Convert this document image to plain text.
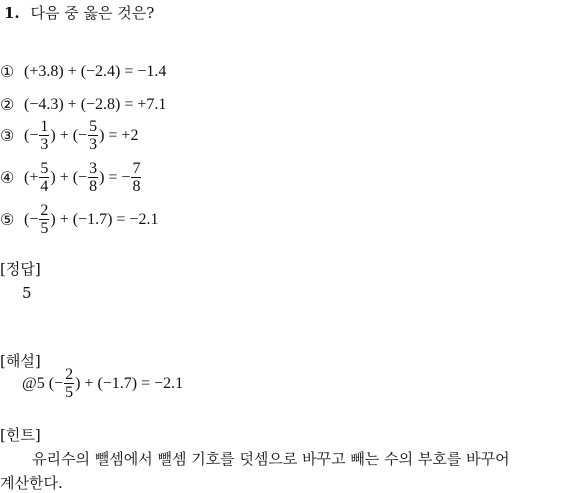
1. 다음 중 옳은 것은?
① (+3.8) + (−2.4) = −1.4
② (−4.3) + (−2.8) = +7.1
③ (− $\frac{1}{3}$ ) + (− $\frac{5}{3}$ ) = +2
④ (+ $\frac{5}{4}$ ) + (− $\frac{3}{8}$ ) = − $\frac{7}{8}$
⑤ (− $\frac{2}{5}$ ) + (−1.7) = −2.1
[정답]
5
[해설]
@5 (− $\frac{2}{5}$ ) + (−1.7) = −2.1
[힌트]
유리수의 뺄셈에서 뺄셈 기호를 덧셈으로 바꾸고 빼는 수의 부호를 바꾸어
계산한다.
